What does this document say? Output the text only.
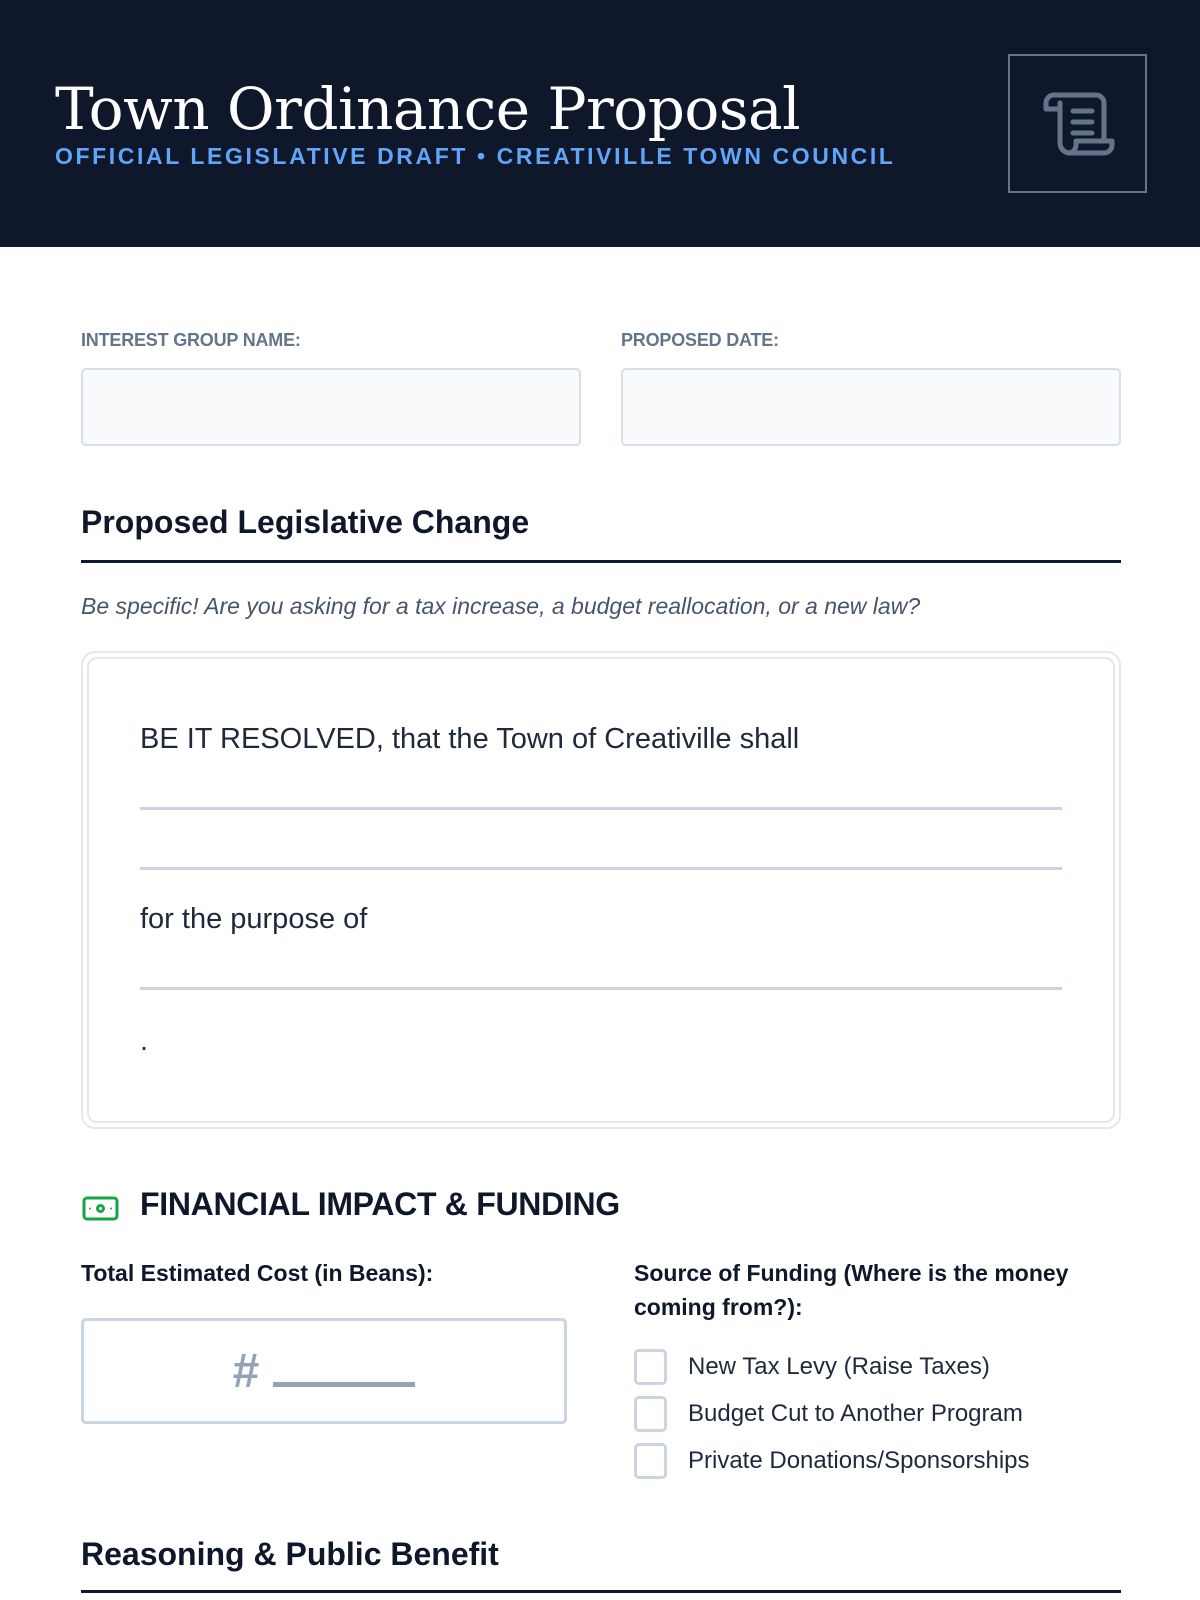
Town Ordinance Proposal
OFFICIAL LEGISLATIVE DRAFT • CREATIVILLE TOWN COUNCIL
INTEREST GROUP NAME:	PROPOSED DATE:
Proposed Legislative Change
Be specific! Are you asking for a tax increase, a budget reallocation, or a new law?
BE IT RESOLVED, that the Town of Creativille shall
for the purpose of
.
FINANCIAL IMPACT & FUNDING
Total Estimated Cost (in Beans):
#
Source of Funding (Where is the money coming from?):
New Tax Levy (Raise Taxes)
Budget Cut to Another Program
Private Donations/Sponsorships
Reasoning & Public Benefit
